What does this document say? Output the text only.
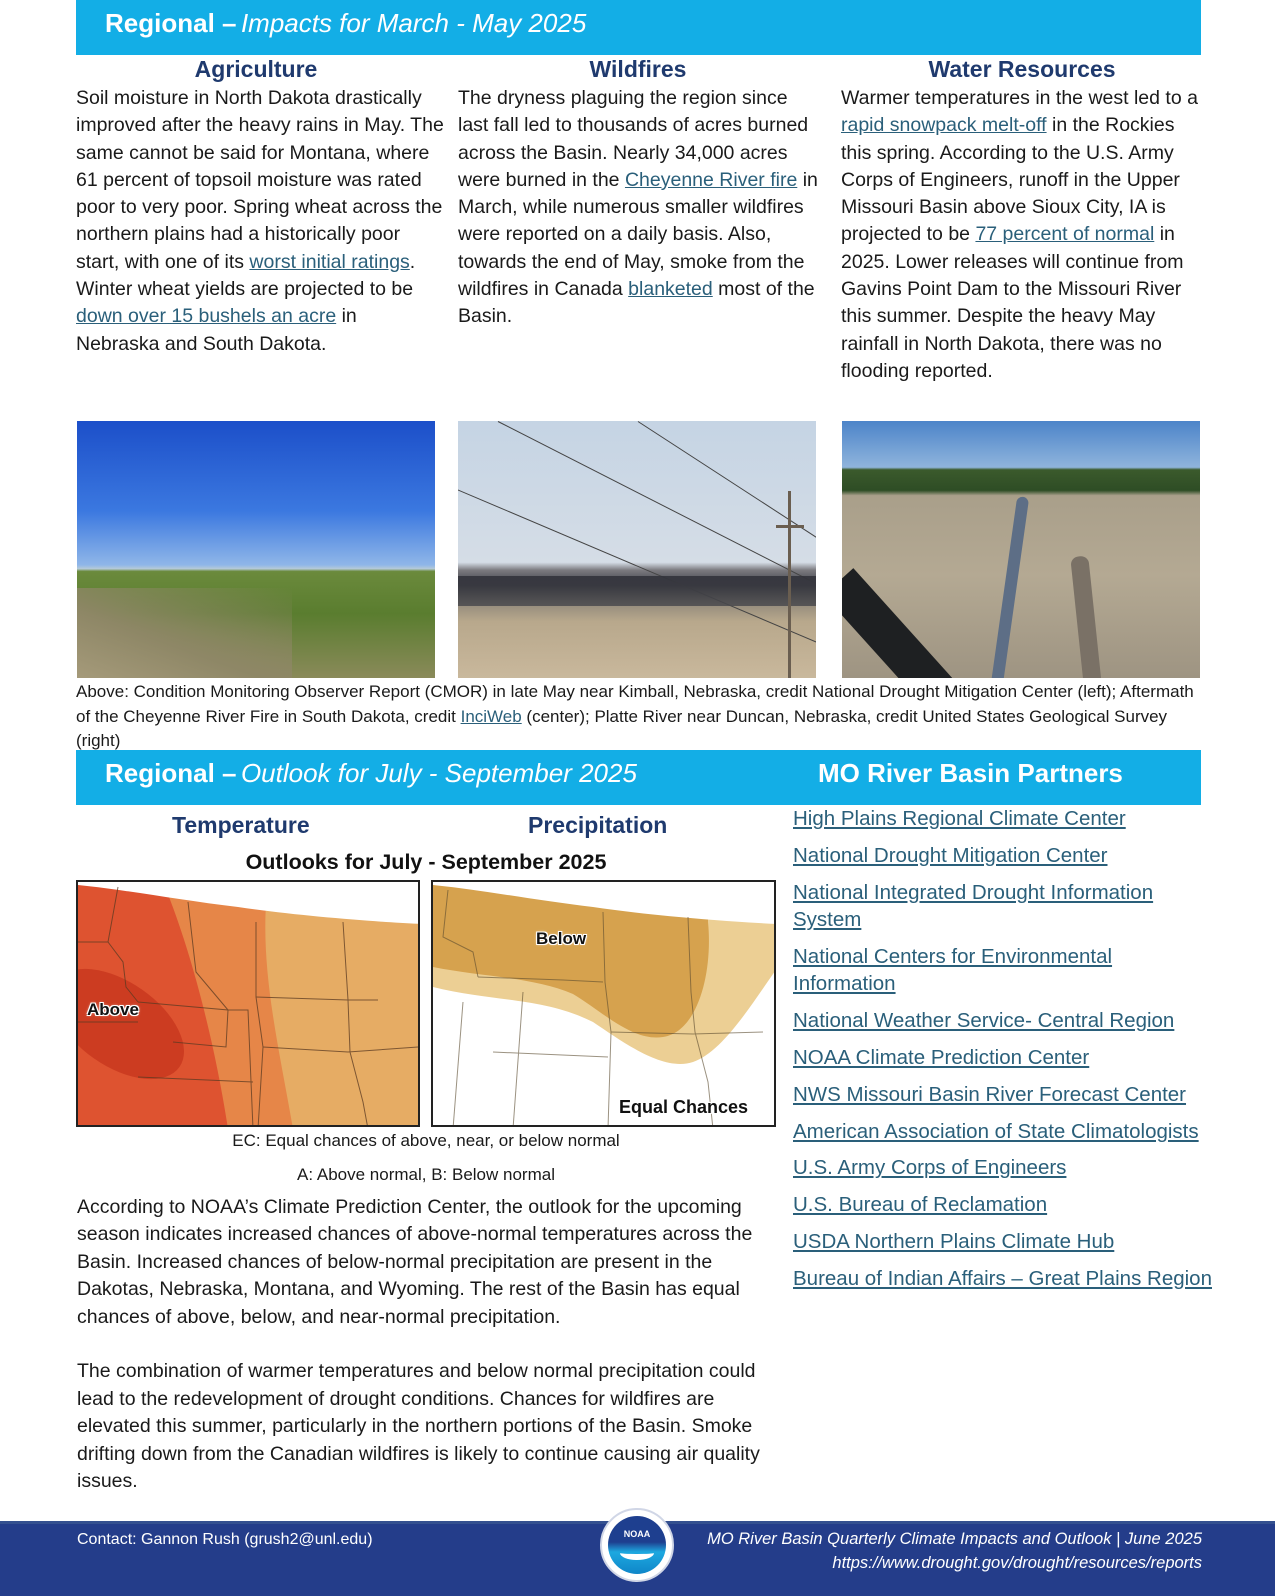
Regional – Impacts for March - May 2025
Agriculture	Wildfires	Water Resources
Soil moisture in North Dakota drastically improved after the heavy rains in May. The same cannot be said for Montana, where 61 percent of topsoil moisture was rated poor to very poor. Spring wheat across the northern plains had a historically poor start, with one of its worst initial ratings. Winter wheat yields are projected to be down over 15 bushels an acre in Nebraska and South Dakota.
The dryness plaguing the region since last fall led to thousands of acres burned across the Basin. Nearly 34,000 acres were burned in the Cheyenne River fire in March, while numerous smaller wildfires were reported on a daily basis. Also, towards the end of May, smoke from the wildfires in Canada blanketed most of the Basin.
Warmer temperatures in the west led to a rapid snowpack melt-off in the Rockies this spring. According to the U.S. Army Corps of Engineers, runoff in the Upper Missouri Basin above Sioux City, IA is projected to be 77 percent of normal in 2025. Lower releases will continue from Gavins Point Dam to the Missouri River this summer. Despite the heavy May rainfall in North Dakota, there was no flooding reported.
Above: Condition Monitoring Observer Report (CMOR) in late May near Kimball, Nebraska, credit National Drought Mitigation Center (left); Aftermath of the Cheyenne River Fire in South Dakota, credit InciWeb (center); Platte River near Duncan, Nebraska, credit United States Geological Survey (right)
Regional – Outlook for July - September 2025	MO River Basin Partners
Temperature	Precipitation
Outlooks for July - September 2025
Above
Below
Equal Chances
EC: Equal chances of above, near, or below normal
A: Above normal, B: Below normal

According to NOAA’s Climate Prediction Center, the outlook for the upcoming season indicates increased chances of above-normal temperatures across the Basin. Increased chances of below-normal precipitation are present in the Dakotas, Nebraska, Montana, and Wyoming. The rest of the Basin has equal chances of above, below, and near-normal precipitation.

The combination of warmer temperatures and below normal precipitation could lead to the redevelopment of drought conditions. Chances for wildfires are elevated this summer, particularly in the northern portions of the Basin. Smoke drifting down from the Canadian wildfires is likely to continue causing air quality issues.

High Plains Regional Climate Center
National Drought Mitigation Center
National Integrated Drought Information System
National Centers for Environmental Information
National Weather Service- Central Region
NOAA Climate Prediction Center
NWS Missouri Basin River Forecast Center
American Association of State Climatologists
U.S. Army Corps of Engineers
U.S. Bureau of Reclamation
USDA Northern Plains Climate Hub
Bureau of Indian Affairs – Great Plains Region
Contact: Gannon Rush (grush2@unl.edu)	MO River Basin Quarterly Climate Impacts and Outlook | June 2025
https://www.drought.gov/drought/resources/reports
NOAA
